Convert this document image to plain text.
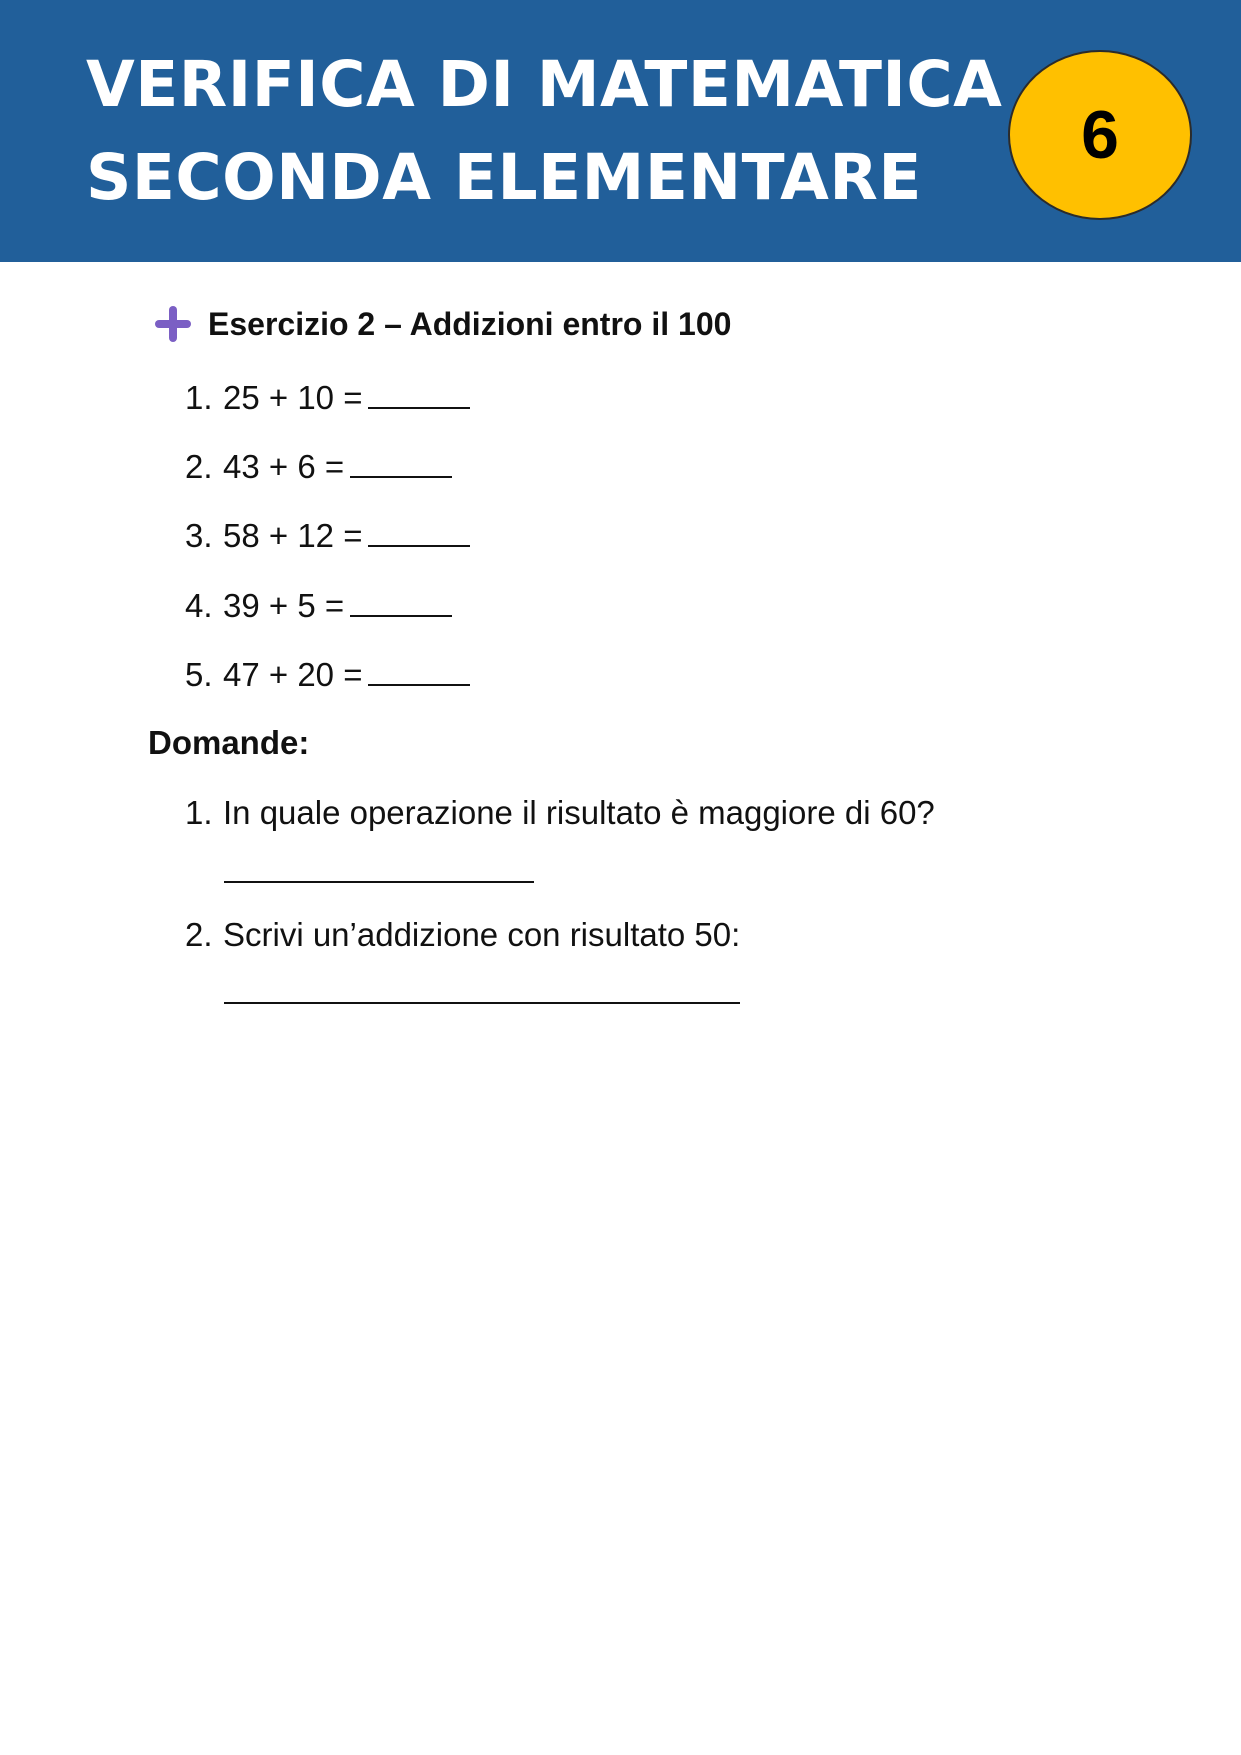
VERIFICA DI MATEMATICA
SECONDA ELEMENTARE
6
Esercizio 2 – Addizioni entro il 100
1. 25 + 10 =
2. 43 + 6 =
3. 58 + 12 =
4. 39 + 5 =
5. 47 + 20 =
Domande:
1. In quale operazione il risultato è maggiore di 60?
2. Scrivi un’addizione con risultato 50:
